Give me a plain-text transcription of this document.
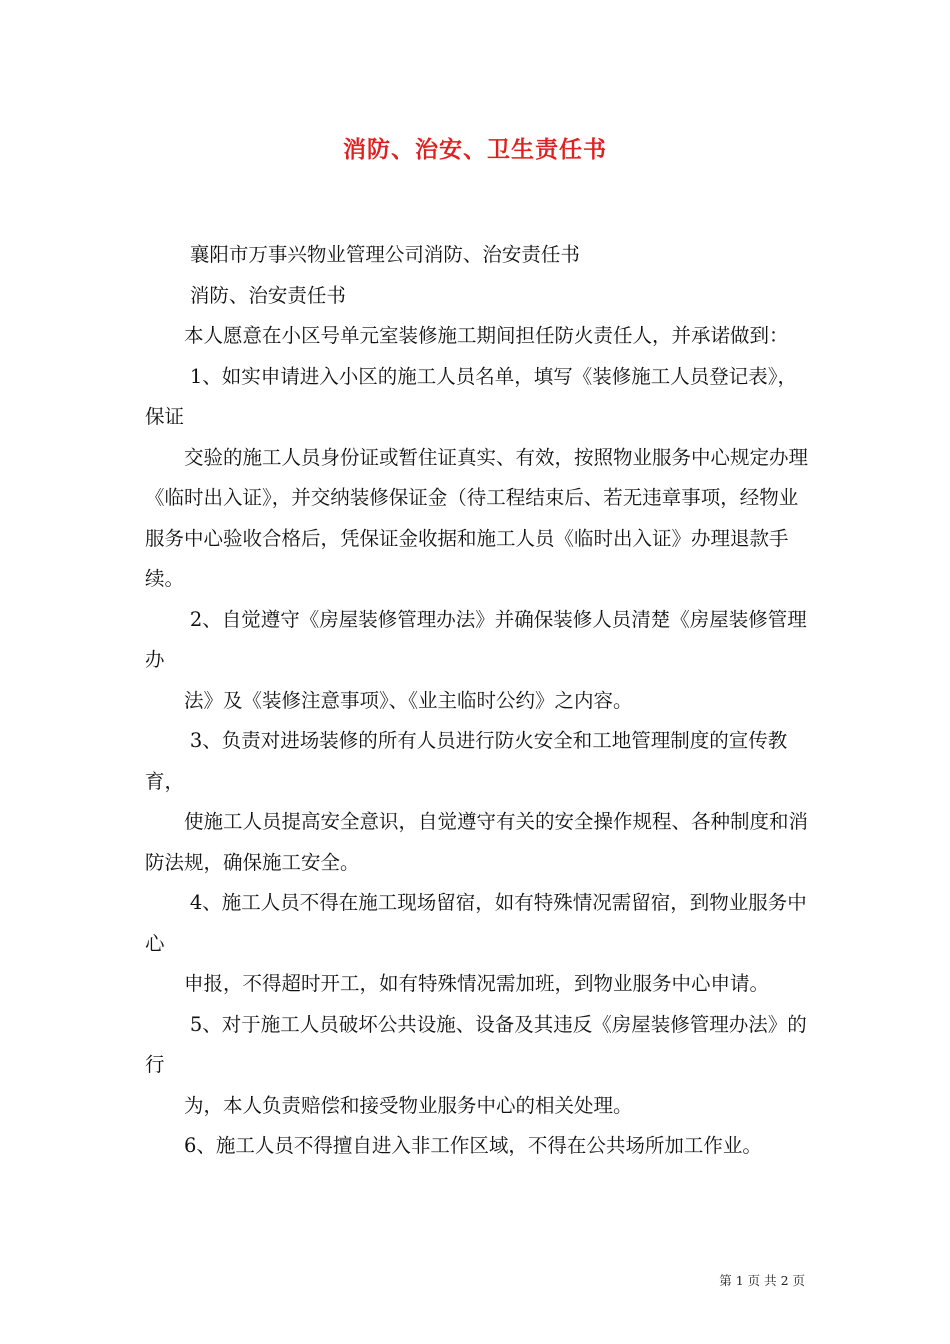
消防、治安、卫生责任书

襄阳市万事兴物业管理公司消防、治安责任书

消防、治安责任书

本人愿意在小区号单元室装修施工期间担任防火责任人，并承诺做到：

1、如实申请进入小区的施工人员名单，填写《装修施工人员登记表》，保证

交验的施工人员身份证或暂住证真实、有效，按照物业服务中心规定办理《临时出入证》，并交纳装修保证金（待工程结束后、若无违章事项，经物业服务中心验收合格后，凭保证金收据和施工人员《临时出入证》办理退款手续。

2、自觉遵守《房屋装修管理办法》并确保装修人员清楚《房屋装修管理办

法》及《装修注意事项》、《业主临时公约》之内容。

3、负责对进场装修的所有人员进行防火安全和工地管理制度的宣传教育，

使施工人员提高安全意识，自觉遵守有关的安全操作规程、各种制度和消防法规，确保施工安全。

4、施工人员不得在施工现场留宿，如有特殊情况需留宿，到物业服务中心

申报，不得超时开工，如有特殊情况需加班，到物业服务中心申请。

5、对于施工人员破坏公共设施、设备及其违反《房屋装修管理办法》的行

为，本人负责赔偿和接受物业服务中心的相关处理。

6、施工人员不得擅自进入非工作区域，不得在公共场所加工作业。

第 1 页 共 2 页
